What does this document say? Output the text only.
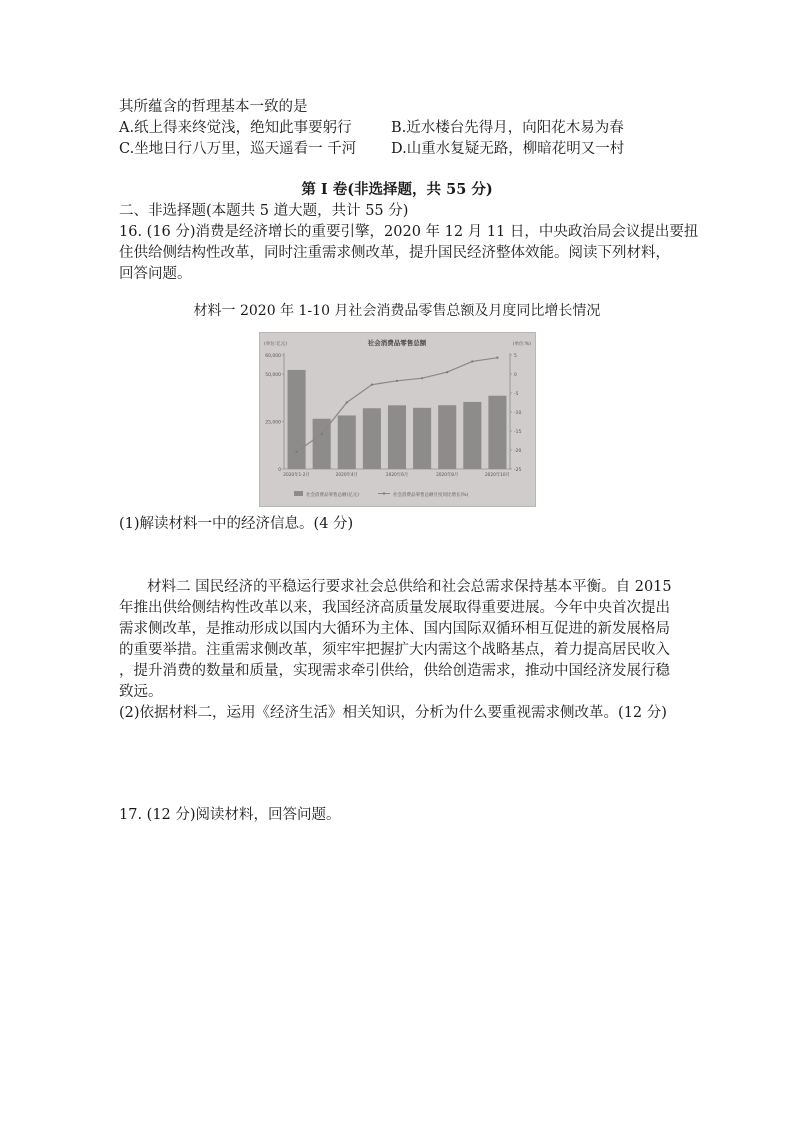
其所蕴含的哲理基本一致的是
A.纸上得来终觉浅，绝知此事要躬行	B.近水楼台先得月，向阳花木易为春
C.坐地日行八万里，巡天遥看一 千河 D.山重水复疑无路，柳暗花明又一村
第 I 卷(非选择题，共 55 分)
二、非选择题(本题共 5 道大题，共计 55 分)
16. (16 分)消费是经济增长的重要引擎，2020 年 12 月 11 日，中央政治局会议提出要扭
住供给侧结构性改革，同时注重需求侧改革，提升国民经济整体效能。阅读下列材料，
回答问题。
材料一 2020 年 1-10 月社会消费品零售总额及月度同比增长情况
社会消费品零售总额
(单位:亿元)	(单位:%)
60,000
50,000
25,000
0
5
0
-5
-10
-15
-20
-25
2020年1-2月	2020年4月	2020年6月	2020年8月	2020年10月
社会消费品零售总额(亿元)	社会消费品零售总额月度同比增长(%)
(1)解读材料一中的经济信息。(4 分)
材料二 国民经济的平稳运行要求社会总供给和社会总需求保持基本平衡。自 2015
年推出供给侧结构性改革以来，我国经济高质量发展取得重要进展。今年中央首次提出
需求侧改革，是推动形成以国内大循环为主体、国内国际双循环相互促进的新发展格局
的重要举措。注重需求侧改革，须牢牢把握扩大内需这个战略基点，着力提高居民收入
，提升消费的数量和质量，实现需求牵引供给，供给创造需求，推动中国经济发展行稳
致远。
(2)依据材料二，运用《经济生活》相关知识，分析为什么要重视需求侧改革。(12 分)
17. (12 分)阅读材料，回答问题。
